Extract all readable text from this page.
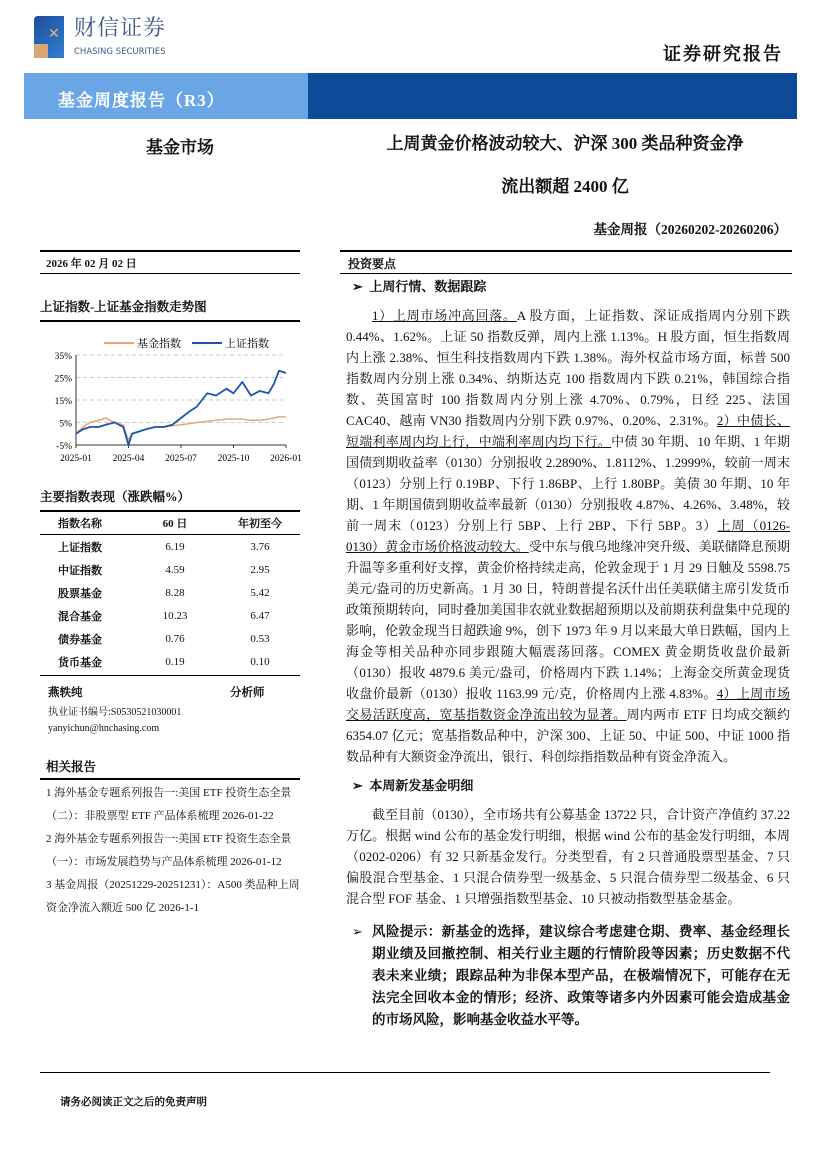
✕ 财信证券
CHASING SECURITIES	证券研究报告
基金周度报告（R3）
基金市场	上周黄金价格波动较大、沪深 300 类品种资金净
流出额超 2400 亿
基金周报（20260202-20260206）
2026 年 02 月 02 日
上证指数-上证基金指数走势图
基金指数	上证指数
35%
25%
15%
5%
-5%
2025-01 2025-04 2025-07 2025-10 2026-01
主要指数表现（涨跌幅%）
指数名称	60 日	年初至今
上证指数	6.19	3.76
中证指数	4.59	2.95
股票基金	8.28	5.42
混合基金	10.23	6.47
债券基金	0.76	0.53
货币基金	0.19	0.10
燕轶纯	分析师
执业证书编号:S0530521030001
yanyichun@hnchasing.com
相关报告

1 海外基金专题系列报告一:美国 ETF 投资生态全景（二）：非股票型 ETF 产品体系梳理 2026-01-22

2 海外基金专题系列报告一:美国 ETF 投资生态全景（一）：市场发展趋势与产品体系梳理 2026-01-12

3 基金周报（20251229-20251231）：A500 类品种上周资金净流入额近 500 亿 2026-1-1

投资要点
➢  上周行情、数据跟踪

1）上周市场冲高回落。A 股方面，上证指数、深证成指周内分别下跌 0.44%、1.62%。上证 50 指数反弹，周内上涨 1.13%。H 股方面，恒生指数周内上涨 2.38%、恒生科技指数周内下跌 1.38%。海外权益市场方面，标普 500 指数周内分别上涨 0.34%、纳斯达克 100 指数周内下跌 0.21%，韩国综合指数、英国富时 100 指数周内分别上涨 4.70%、0.79%，日经 225、法国 CAC40、越南 VN30 指数周内分别下跌 0.97%、0.20%、2.31%。2）中债长、短端利率周内均上行，中端利率周内均下行。中债 30 年期、10 年期、1 年期国债到期收益率（0130）分别报收 2.2890%、1.8112%、1.2999%，较前一周末（0123）分别上行 0.19BP、下行 1.86BP、上行 1.80BP。美债 30 年期、10 年期、1 年期国债到期收益率最新（0130）分别报收 4.87%、4.26%、3.48%，较前一周末（0123）分别上行 5BP、上行 2BP、下行 5BP。3）上周（0126-0130）黄金市场价格波动较大。受中东与俄乌地缘冲突升级、美联储降息预期升温等多重利好支撑，黄金价格持续走高，伦敦金现于 1 月 29 日触及 5598.75 美元/盎司的历史新高。1 月 30 日，特朗普提名沃什出任美联储主席引发货币政策预期转向，同时叠加美国非农就业数据超预期以及前期获利盘集中兑现的影响，伦敦金现当日超跌逾 9%，创下 1973 年 9 月以来最大单日跌幅，国内上海金等相关品种亦同步跟随大幅震荡回落。COMEX 黄金期货收盘价最新（0130）报收 4879.6 美元/盎司，价格周内下跌 1.14%；上海金交所黄金现货收盘价最新（0130）报收 1163.99 元/克，价格周内上涨 4.83%。4）上周市场交易活跃度高，宽基指数资金净流出较为显著。周内两市 ETF 日均成交额约 6354.07 亿元；宽基指数品种中，沪深 300、上证 50、中证 500、中证 1000 指数品种有大额资金净流出，银行、科创综指指数品种有资金净流入。

➢  本周新发基金明细

截至目前（0130），全市场共有公募基金 13722 只，合计资产净值约 37.22 万亿。根据 wind 公布的基金发行明细，根据 wind 公布的基金发行明细，本周（0202-0206）有 32 只新基金发行。分类型看，有 2 只普通股票型基金、7 只偏股混合型基金、1 只混合债券型一级基金、5 只混合债券型二级基金、6 只混合型 FOF 基金、1 只增强指数型基金、10 只被动指数型基金基金。

➢ 风险提示：新基金的选择，建议综合考虑建仓期、费率、基金经理长期业绩及回撤控制、相关行业主题的行情阶段等因素；历史数据不代表未来业绩；跟踪品种为非保本型产品，在极端情况下，可能存在无法完全回收本金的情形；经济、政策等诸多内外因素可能会造成基金的市场风险，影响基金收益水平等。
请务必阅读正文之后的免责声明
